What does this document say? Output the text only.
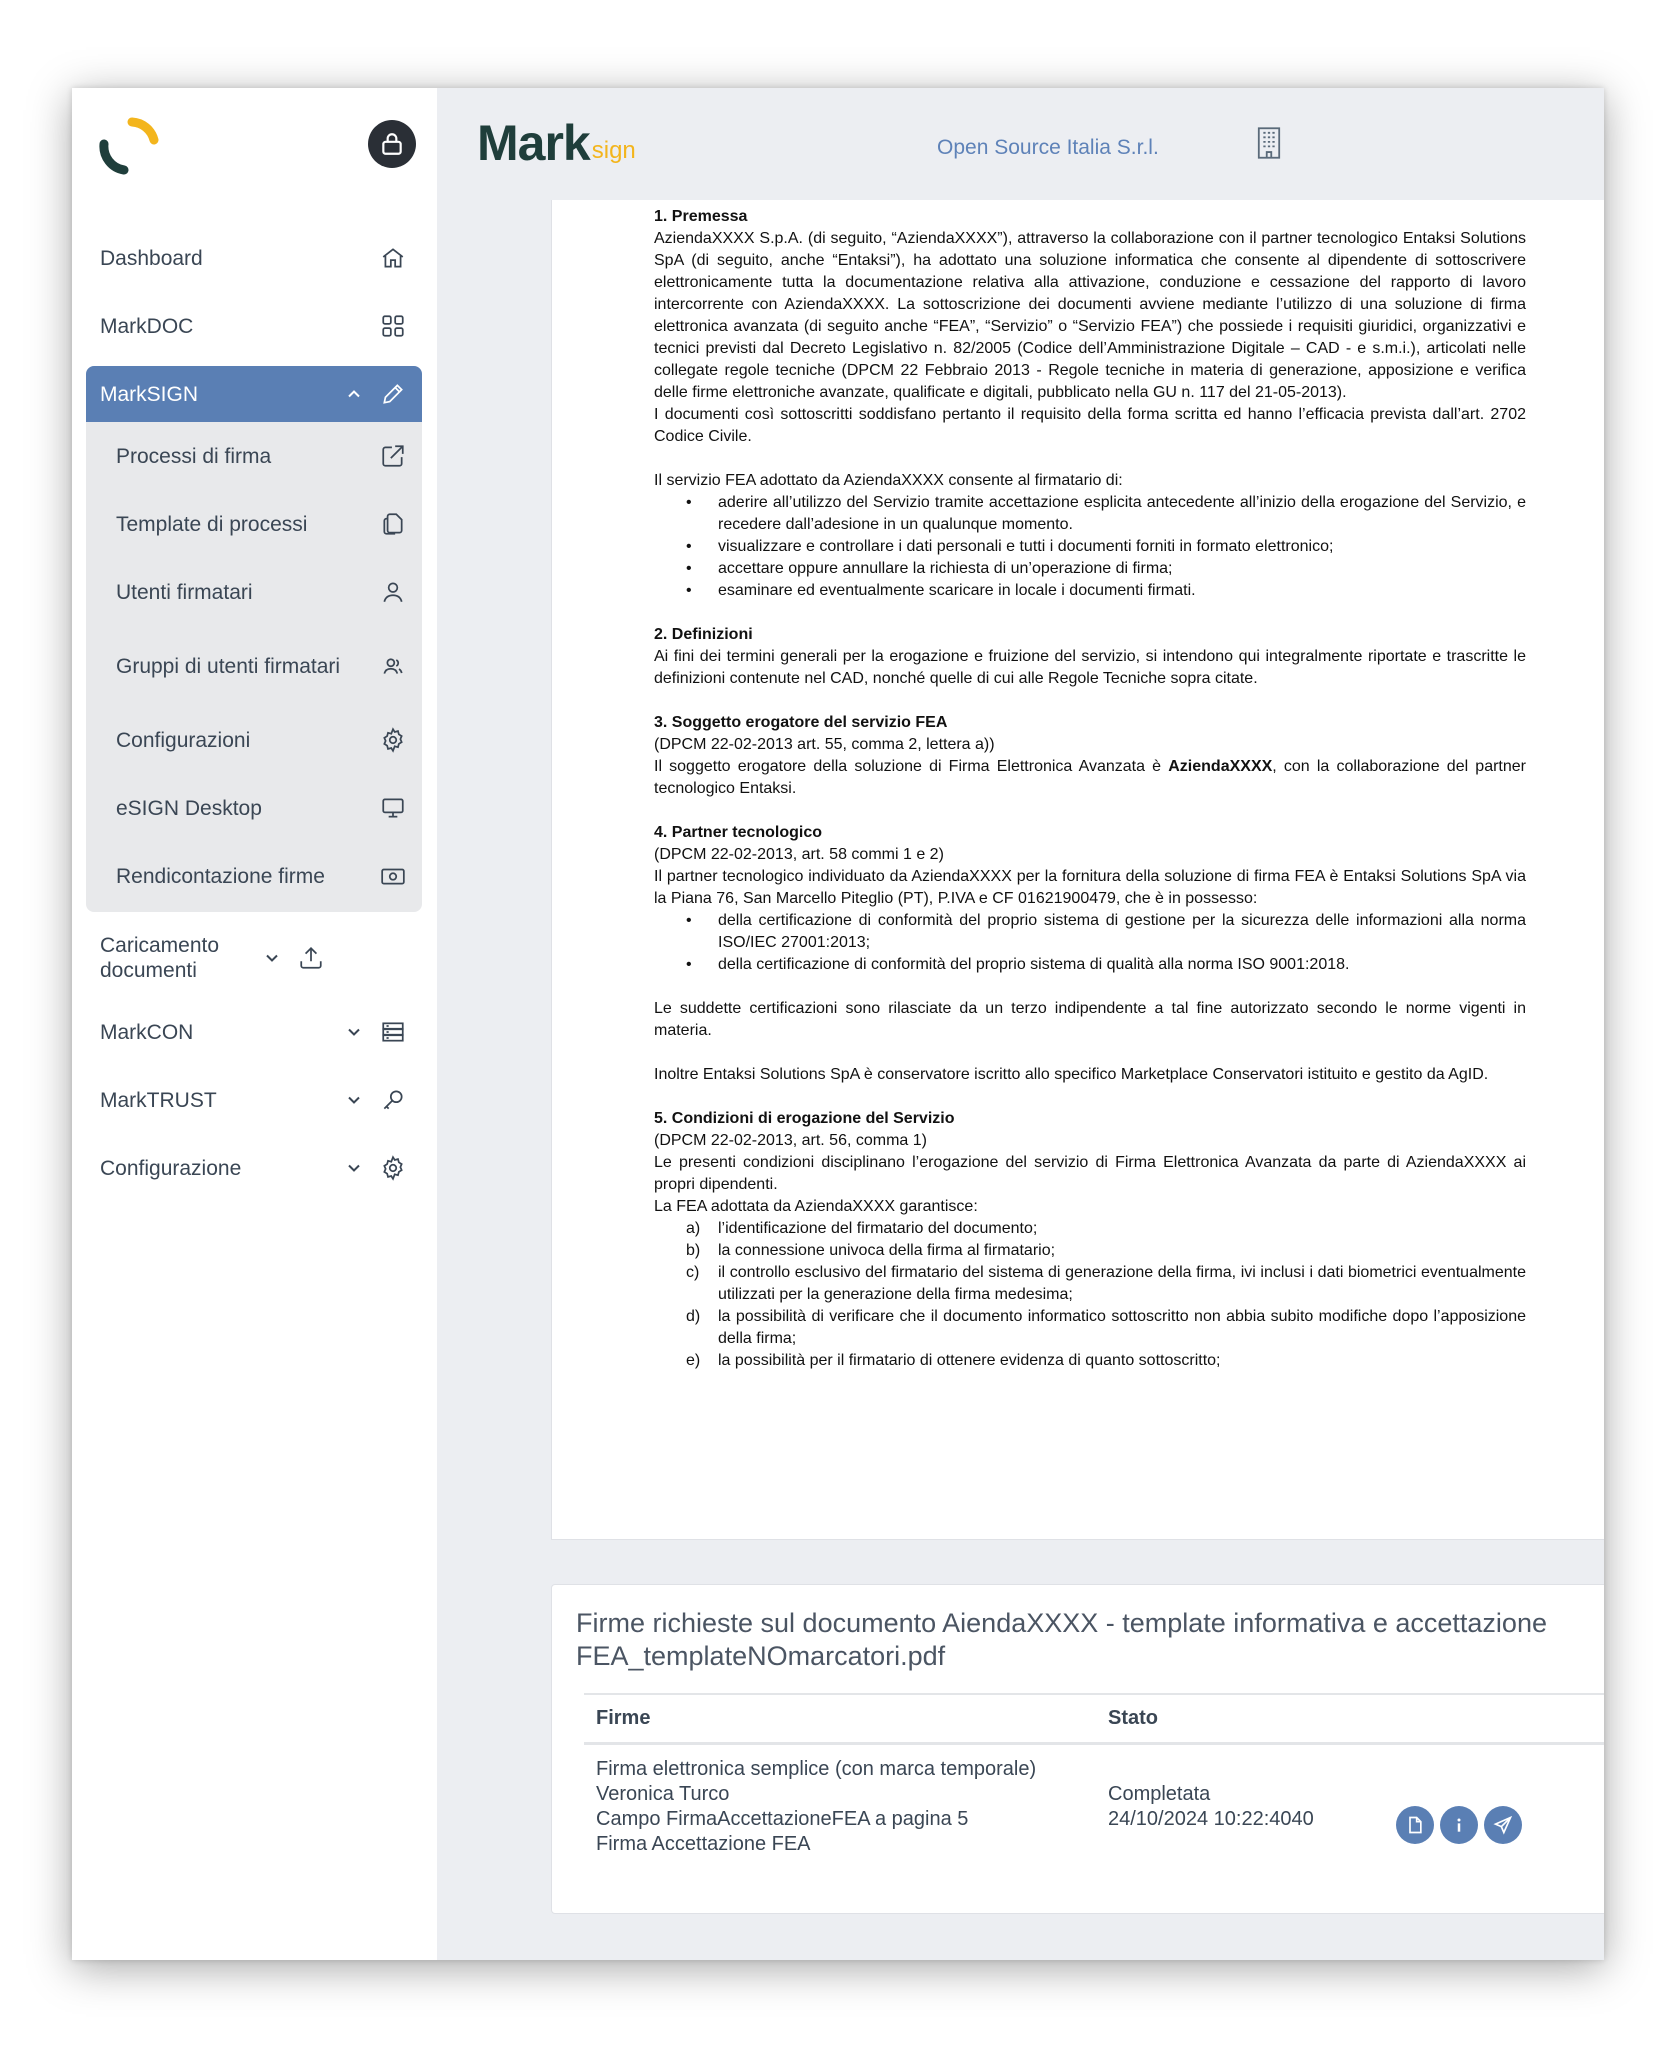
Dashboard
MarkDOC
MarkSIGN
Processi di firma
Template di processi
Utenti firmatari
Gruppi di utenti firmatari
Configurazioni
eSIGN Desktop
Rendicontazione firme
Caricamento documenti
MarkCON
MarkTRUST
Configurazione
Mark sign	Open Source Italia S.r.l.
1. Premessa

AziendaXXXX S.p.A. (di seguito, “AziendaXXXX”), attraverso la collaborazione con il partner tecnologico Entaksi Solutions SpA (di seguito, anche “Entaksi”), ha adottato una soluzione informatica che consente al dipendente di sottoscrivere elettronicamente tutta la documentazione relativa alla attivazione, conduzione e cessazione del rapporto di lavoro intercorrente con AziendaXXXX. La sottoscrizione dei documenti avviene mediante l’utilizzo di una soluzione di firma elettronica avanzata (di seguito anche “FEA”, “Servizio” o “Servizio FEA”) che possiede i requisiti giuridici, organizzativi e tecnici previsti dal Decreto Legislativo n. 82/2005 (Codice dell’Amministrazione Digitale – CAD - e s.m.i.), articolati nelle collegate regole tecniche (DPCM 22 Febbraio 2013 - Regole tecniche in materia di generazione, apposizione e verifica delle firme elettroniche avanzate, qualificate e digitali, pubblicato nella GU n. 117 del 21-05-2013).

I documenti così sottoscritti soddisfano pertanto il requisito della forma scritta ed hanno l’efficacia prevista dall’art. 2702 Codice Civile.

Il servizio FEA adottato da AziendaXXXX consente al firmatario di:

• aderire all’utilizzo del Servizio tramite accettazione esplicita antecedente all’inizio della erogazione del Servizio, e recedere dall’adesione in un qualunque momento.
• visualizzare e controllare i dati personali e tutti i documenti forniti in formato elettronico;
• accettare oppure annullare la richiesta di un’operazione di firma;
• esaminare ed eventualmente scaricare in locale i documenti firmati.
2. Definizioni

Ai fini dei termini generali per la erogazione e fruizione del servizio, si intendono qui integralmente riportate e trascritte le definizioni contenute nel CAD, nonché quelle di cui alle Regole Tecniche sopra citate.

3. Soggetto erogatore del servizio FEA

(DPCM 22-02-2013 art. 55, comma 2, lettera a))

Il soggetto erogatore della soluzione di Firma Elettronica Avanzata è AziendaXXXX, con la collaborazione del partner tecnologico Entaksi.

4. Partner tecnologico

(DPCM 22-02-2013, art. 58 commi 1 e 2)

Il partner tecnologico individuato da AziendaXXXX per la fornitura della soluzione di firma FEA è Entaksi Solutions SpA via la Piana 76, San Marcello Piteglio (PT), P.IVA e CF 01621900479, che è in possesso:

• della certificazione di conformità del proprio sistema di gestione per la sicurezza delle informazioni alla norma ISO/IEC 27001:2013;
• della certificazione di conformità del proprio sistema di qualità alla norma ISO 9001:2018.

Le suddette certificazioni sono rilasciate da un terzo indipendente a tal fine autorizzato secondo le norme vigenti in materia.

Inoltre Entaksi Solutions SpA è conservatore iscritto allo specifico Marketplace Conservatori istituito e gestito da AgID.

5. Condizioni di erogazione del Servizio

(DPCM 22-02-2013, art. 56, comma 1)

Le presenti condizioni disciplinano l’erogazione del servizio di Firma Elettronica Avanzata da parte di AziendaXXXX ai propri dipendenti.

La FEA adottata da AziendaXXXX garantisce:

a) l’identificazione del firmatario del documento;
b) la connessione univoca della firma al firmatario;
c) il controllo esclusivo del firmatario del sistema di generazione della firma, ivi inclusi i dati biometrici eventualmente utilizzati per la generazione della firma medesima;
d) la possibilità di verificare che il documento informatico sottoscritto non abbia subito modifiche dopo l’apposizione della firma;
e) la possibilità per il firmatario di ottenere evidenza di quanto sottoscritto;
Firme richieste sul documento AiendaXXXX - template informativa e accettazione FEA_templateNOmarcatori.pdf
Firme	Stato
Firma elettronica semplice (con marca temporale)
Veronica Turco
Campo FirmaAccettazioneFEA a pagina 5
Firma Accettazione FEA
Completata
24/10/2024 10:22:4040
